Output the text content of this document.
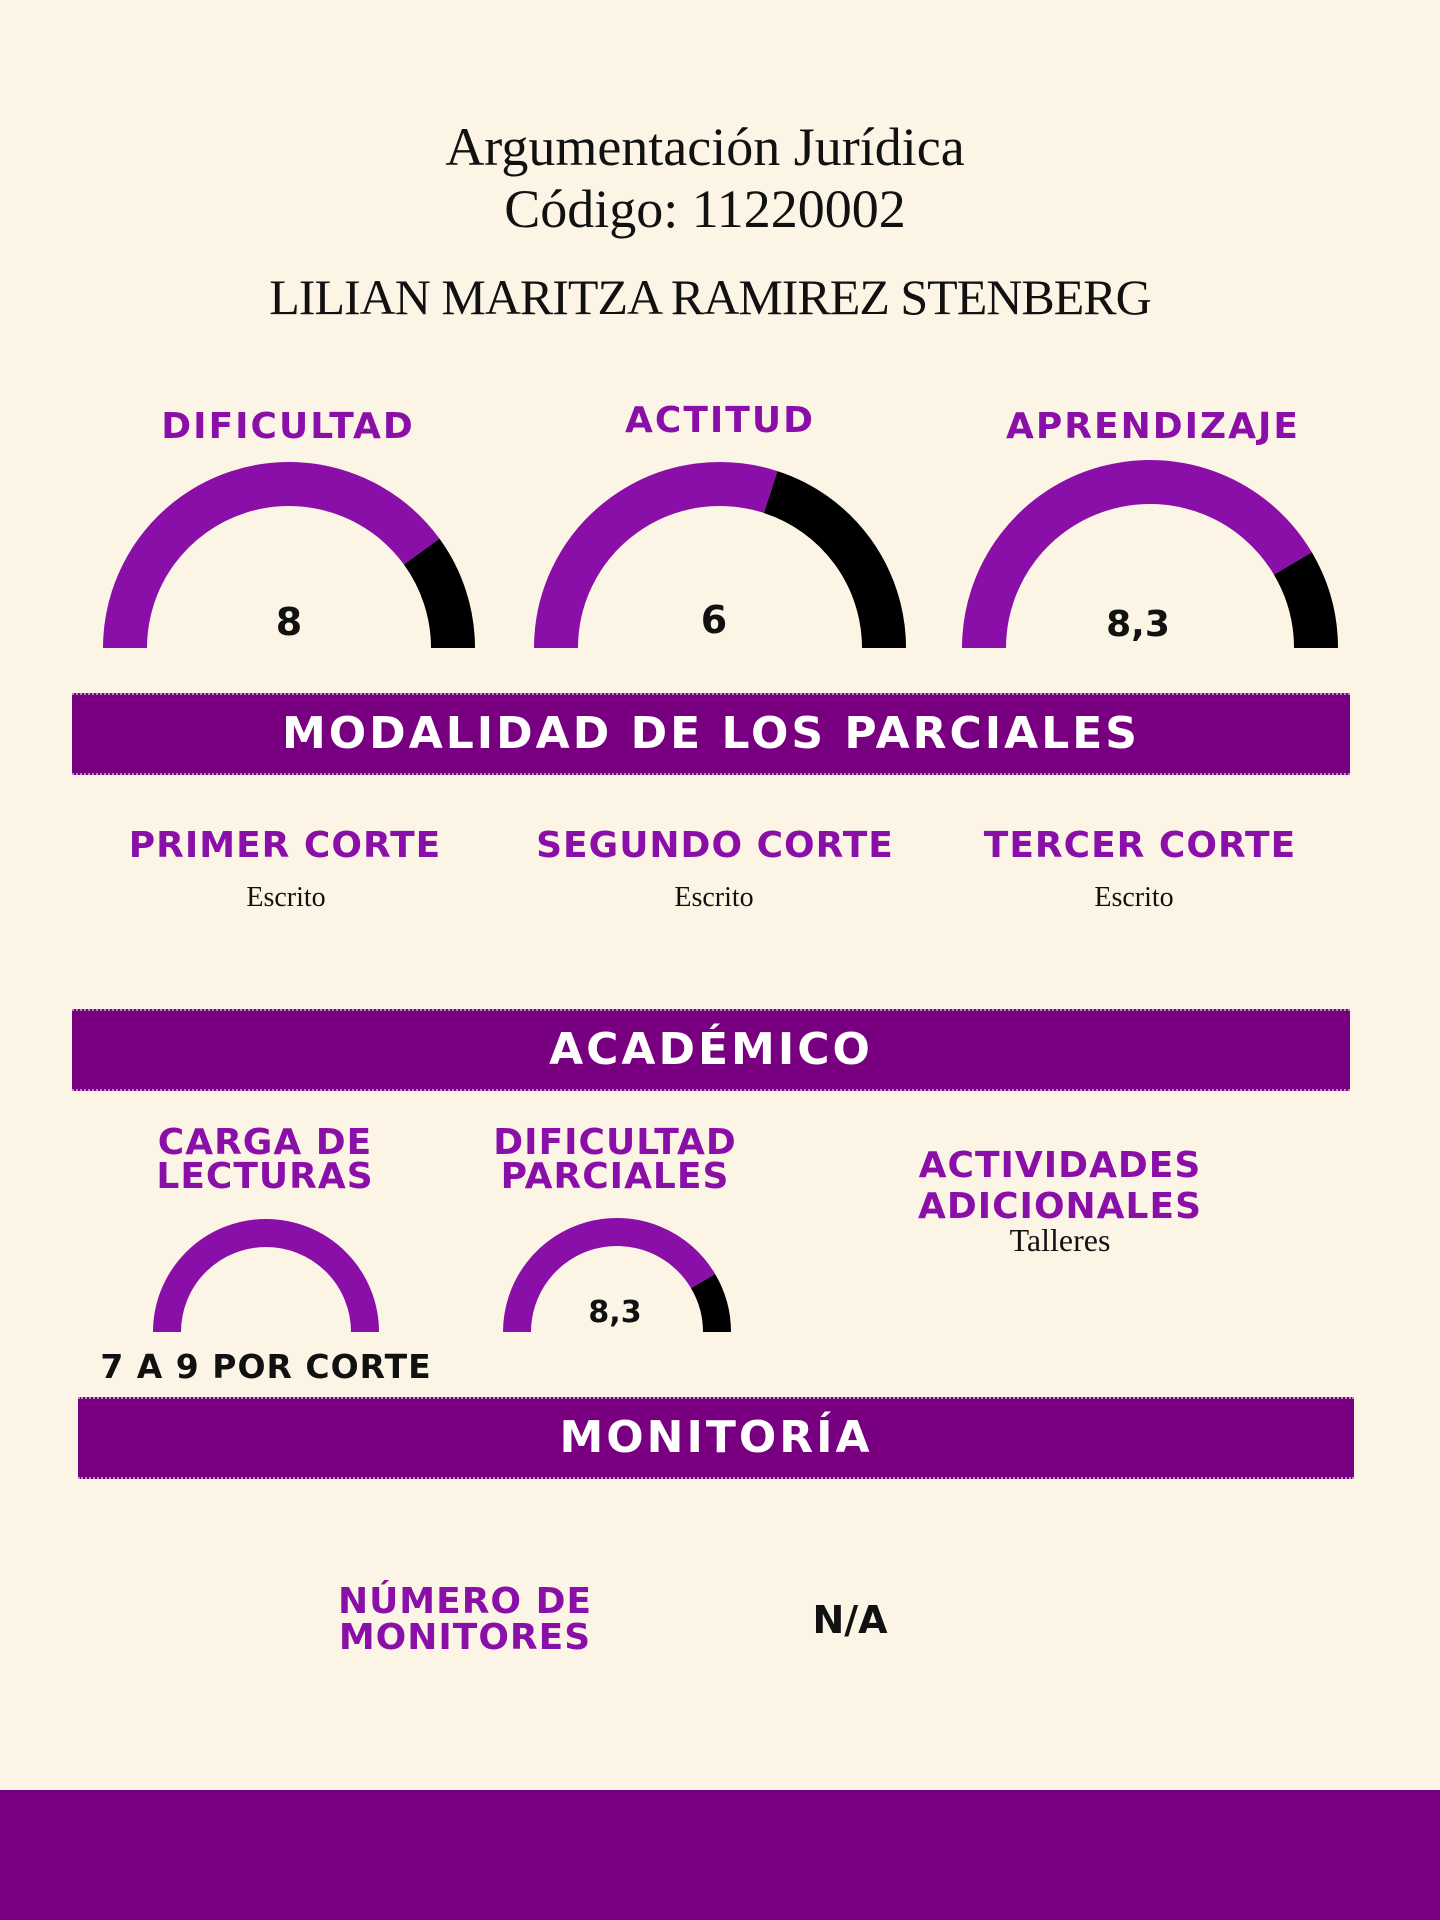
Argumentación Jurídica
Código: 11220002
LILIAN MARITZA RAMIREZ STENBERG
DIFICULTAD	ACTITUD	APRENDIZAJE
8	6	8,3
MODALIDAD DE LOS PARCIALES
PRIMER CORTE	SEGUNDO CORTE	TERCER CORTE
Escrito	Escrito	Escrito
ACADÉMICO
CARGA DE
LECTURAS
DIFICULTAD
PARCIALES	ACTIVIDADES ADICIONALES
Talleres
7 A 9 POR CORTE
8,3
MONITORÍA
NÚMERO DE
MONITORES	N/A
